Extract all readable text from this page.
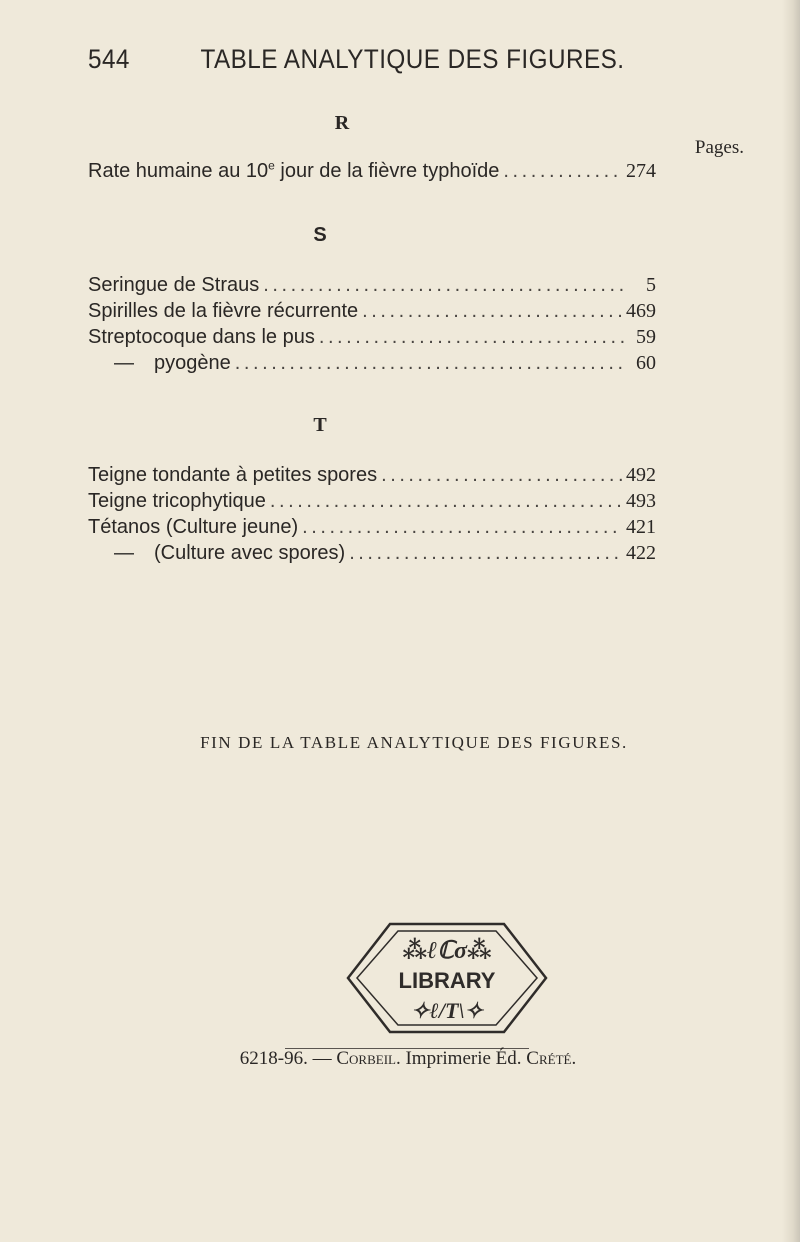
544	TABLE ANALYTIQUE DES FIGURES.
R
Pages.
Rate humaine au 10e jour de la fièvre typhoïde . . .	274
S
Seringue de Straus . . .	5
Spirilles de la fièvre récurrente . . .	469
Streptocoque dans le pus . . .	59
— pyogène . . .	60
T
Teigne tondante à petites spores . . .	492
Teigne tricophytique . . .	493
Tétanos (Culture jeune) . . .	421
— (Culture avec spores) . . .	422
FIN DE LA TABLE ANALYTIQUE DES FIGURES.
⁂ℓℂσ⁂
LIBRARY
✧ℓ/T\✧
6218-96. — Corbeil. Imprimerie Éd. Crété.
